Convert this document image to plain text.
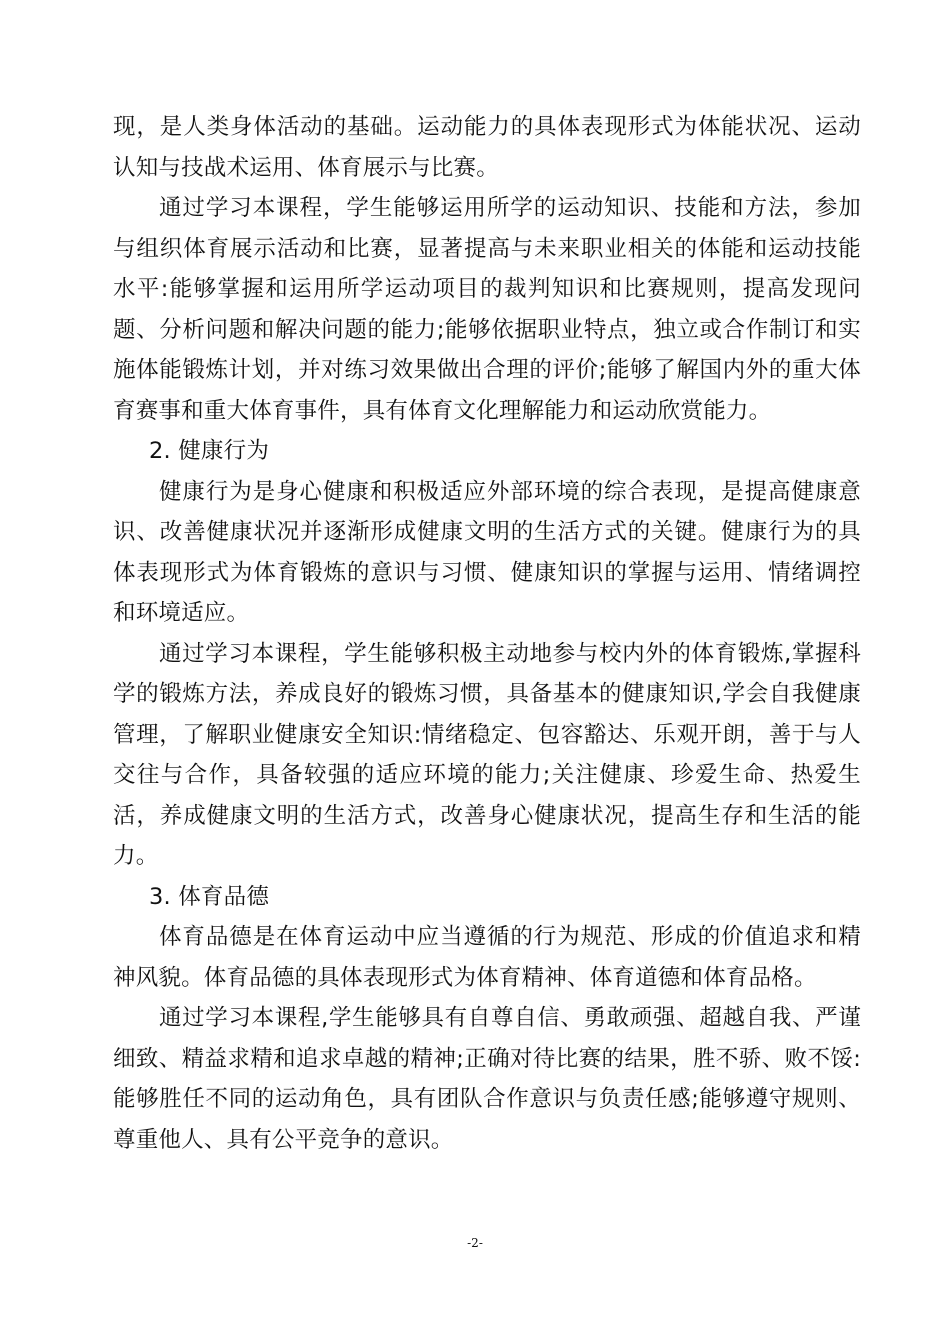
现，是人类身体活动的基础。运动能力的具体表现形式为体能状况、运动认知与技战术运用、体育展示与比赛。

通过学习本课程，学生能够运用所学的运动知识、技能和方法，参加与组织体育展示活动和比赛，显著提高与未来职业相关的体能和运动技能水平:能够掌握和运用所学运动项目的裁判知识和比赛规则，提高发现问题、分析问题和解决问题的能力;能够依据职业特点，独立或合作制订和实施体能锻炼计划，并对练习效果做出合理的评价;能够了解国内外的重大体育赛事和重大体育事件，具有体育文化理解能力和运动欣赏能力。

2. 健康行为

健康行为是身心健康和积极适应外部环境的综合表现，是提高健康意识、改善健康状况并逐渐形成健康文明的生活方式的关键。健康行为的具体表现形式为体育锻炼的意识与习惯、健康知识的掌握与运用、情绪调控和环境适应。

通过学习本课程，学生能够积极主动地参与校内外的体育锻炼,掌握科学的锻炼方法，养成良好的锻炼习惯，具备基本的健康知识,学会自我健康管理，了解职业健康安全知识:情绪稳定、包容豁达、乐观开朗，善于与人交往与合作，具备较强的适应环境的能力;关注健康、珍爱生命、热爱生活，养成健康文明的生活方式，改善身心健康状况，提高生存和生活的能力。

3. 体育品德

体育品德是在体育运动中应当遵循的行为规范、形成的价值追求和精神风貌。体育品德的具体表现形式为体育精神、体育道德和体育品格。

通过学习本课程,学生能够具有自尊自信、勇敢顽强、超越自我、严谨细致、精益求精和追求卓越的精神;正确对待比赛的结果，胜不骄、败不馁:能够胜任不同的运动角色，具有团队合作意识与负责任感;能够遵守规则、尊重他人、具有公平竞争的意识。

-2-
